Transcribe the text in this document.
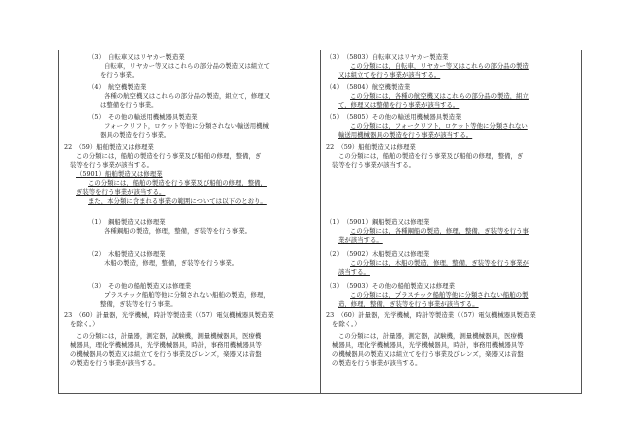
（3）　自転車又はリヤカー製造業
自転車，リヤカー等又はこれらの部分品の製造又は組立て
を行う事業。
（4）　航空機製造業
各種の航空機又はこれらの部分品の製造，組立て，修理又
は整備を行う事業。
（5）　その他の輸送用機械器具製造業
フォークリフト，ロケット等他に分類されない輸送用機械
器具の製造を行う事業。
22　（59）船舶製造又は修理業
この分類には，船舶の製造を行う事業及び船舶の修理，整備，ぎ
装等を行う事業が該当する。
（5901）船舶製造又は修理業
この分類には，船舶の製造を行う事業及び船舶の修理，整備，
ぎ装等を行う事業が該当する。
また，本分類に含まれる事業の範囲については以下のとおり。
（1）　鋼船製造又は修理業
各種鋼船の製造，修理，整備，ぎ装等を行う事業。
（2）　木船製造又は修理業
木船の製造，修理，整備，ぎ装等を行う事業。
（3）　その他の船舶製造又は修理業
プラスチック船舶等他に分類されない船舶の製造，修理，
整備，ぎ装等を行う事業。
23　（60）計量器，光学機械，時計等製造業（（57）電気機械器具製造業
を除く。）
この分類には，計量器，測定器，試験機，測量機械器具，医療機
械器具，理化学機械器具，光学機械器具，時計，事務用機械器具等
の機械器具の製造又は組立てを行う事業及びレンズ，楽器又は音盤
の製造を行う事業が該当する。
（3）　（5803）自転車又はリヤカー製造業
この分類には，自転車，リヤカー等又はこれらの部分品の製造
又は組立てを行う事業が該当する。
（4）　（5804）航空機製造業
この分類には，各種の航空機又はこれらの部分品の製造，組立
て，修理又は整備を行う事業が該当する。
（5）　（5805）その他の輸送用機械器具製造業
この分類には，フォークリフト，ロケット等他に分類されない
輸送用機械器具の製造を行う事業が該当する。
22　（59）船舶製造又は修理業
この分類には，船舶の製造を行う事業及び船舶の修理，整備，ぎ
装等を行う事業が該当する。
（1）　（5901）鋼船製造又は修理業
この分類には，各種鋼船の製造，修理，整備，ぎ装等を行う事
業が該当する。
（2）　（5902）木船製造又は修理業
この分類には，木船の製造，修理，整備，ぎ装等を行う事業が
該当する。
（3）　（5903）その他の船舶製造又は修理業
この分類には，プラスチック船舶等他に分類されない船舶の製
造，修理，整備，ぎ装等を行う事業が該当する。
23　（60）計量器，光学機械，時計等製造業（（57）電気機械器具製造業
を除く。）
この分類には，計量器，測定器，試験機，測量機械器具，医療機
械器具，理化学機械器具，光学機械器具，時計，事務用機械器具等
の機械器具の製造又は組立てを行う事業及びレンズ，楽器又は音盤
の製造を行う事業が該当する。
